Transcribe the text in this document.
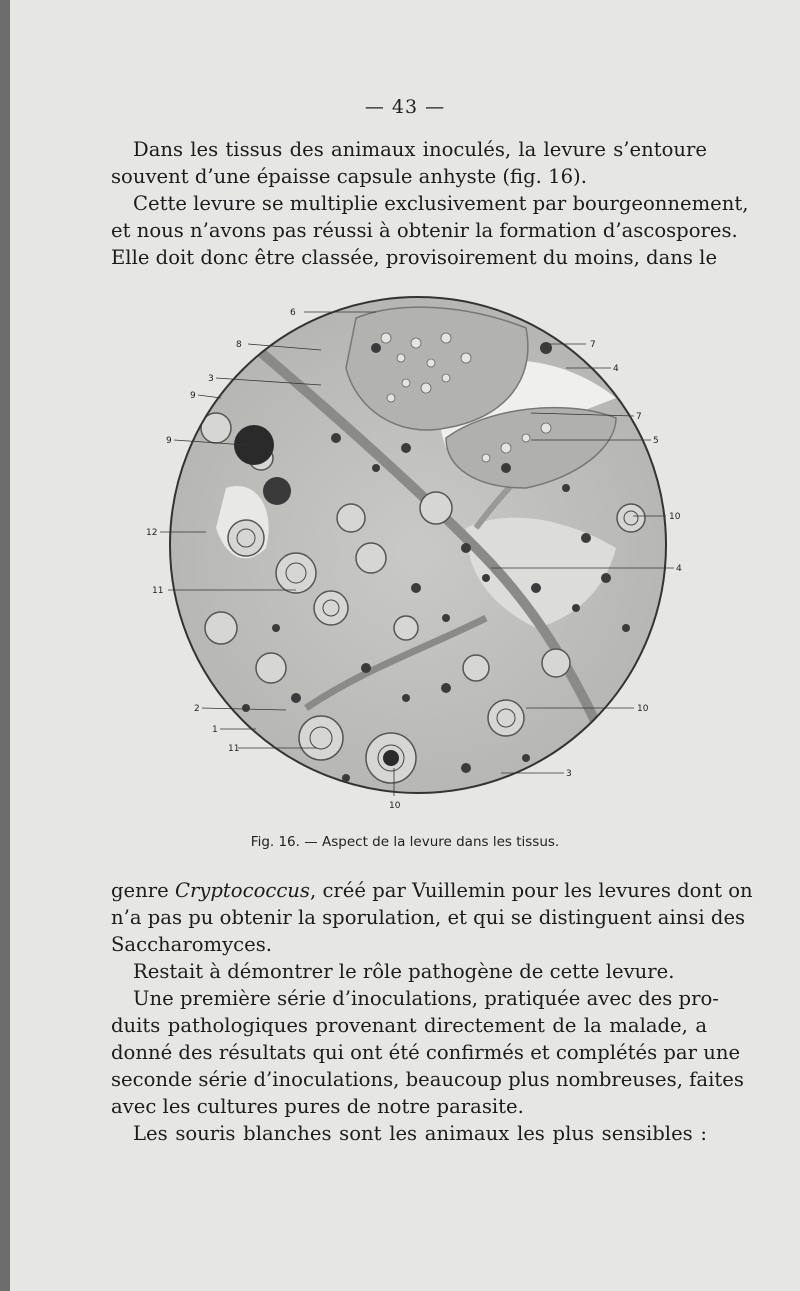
— 43 —

Dans les tissus des animaux inoculés, la levure s’entoure
souvent d’une épaisse capsule anhyste (fig. 16).

Cette levure se multiplie exclusivement par bourgeonnement,
et nous n’avons pas réussi à obtenir la formation d’ascospores.
Elle doit donc être classée, provisoirement du moins, dans le

6
8
3
9
9
12
11
2
1
11
10
7
4
7
5
10
4
10
3
Fig. 16. — Aspect de la levure dans les tissus.

genre Cryptococcus, créé par Vuillemin pour les levures dont on
n’a pas pu obtenir la sporulation, et qui se distinguent ainsi des
Saccharomyces.

Restait à démontrer le rôle pathogène de cette levure.

Une première série d’inoculations, pratiquée avec des pro-
duits pathologiques provenant directement de la malade, a
donné des résultats qui ont été confirmés et complétés par une
seconde série d’inoculations, beaucoup plus nombreuses, faites
avec les cultures pures de notre parasite.

Les souris blanches sont les animaux les plus sensibles :
